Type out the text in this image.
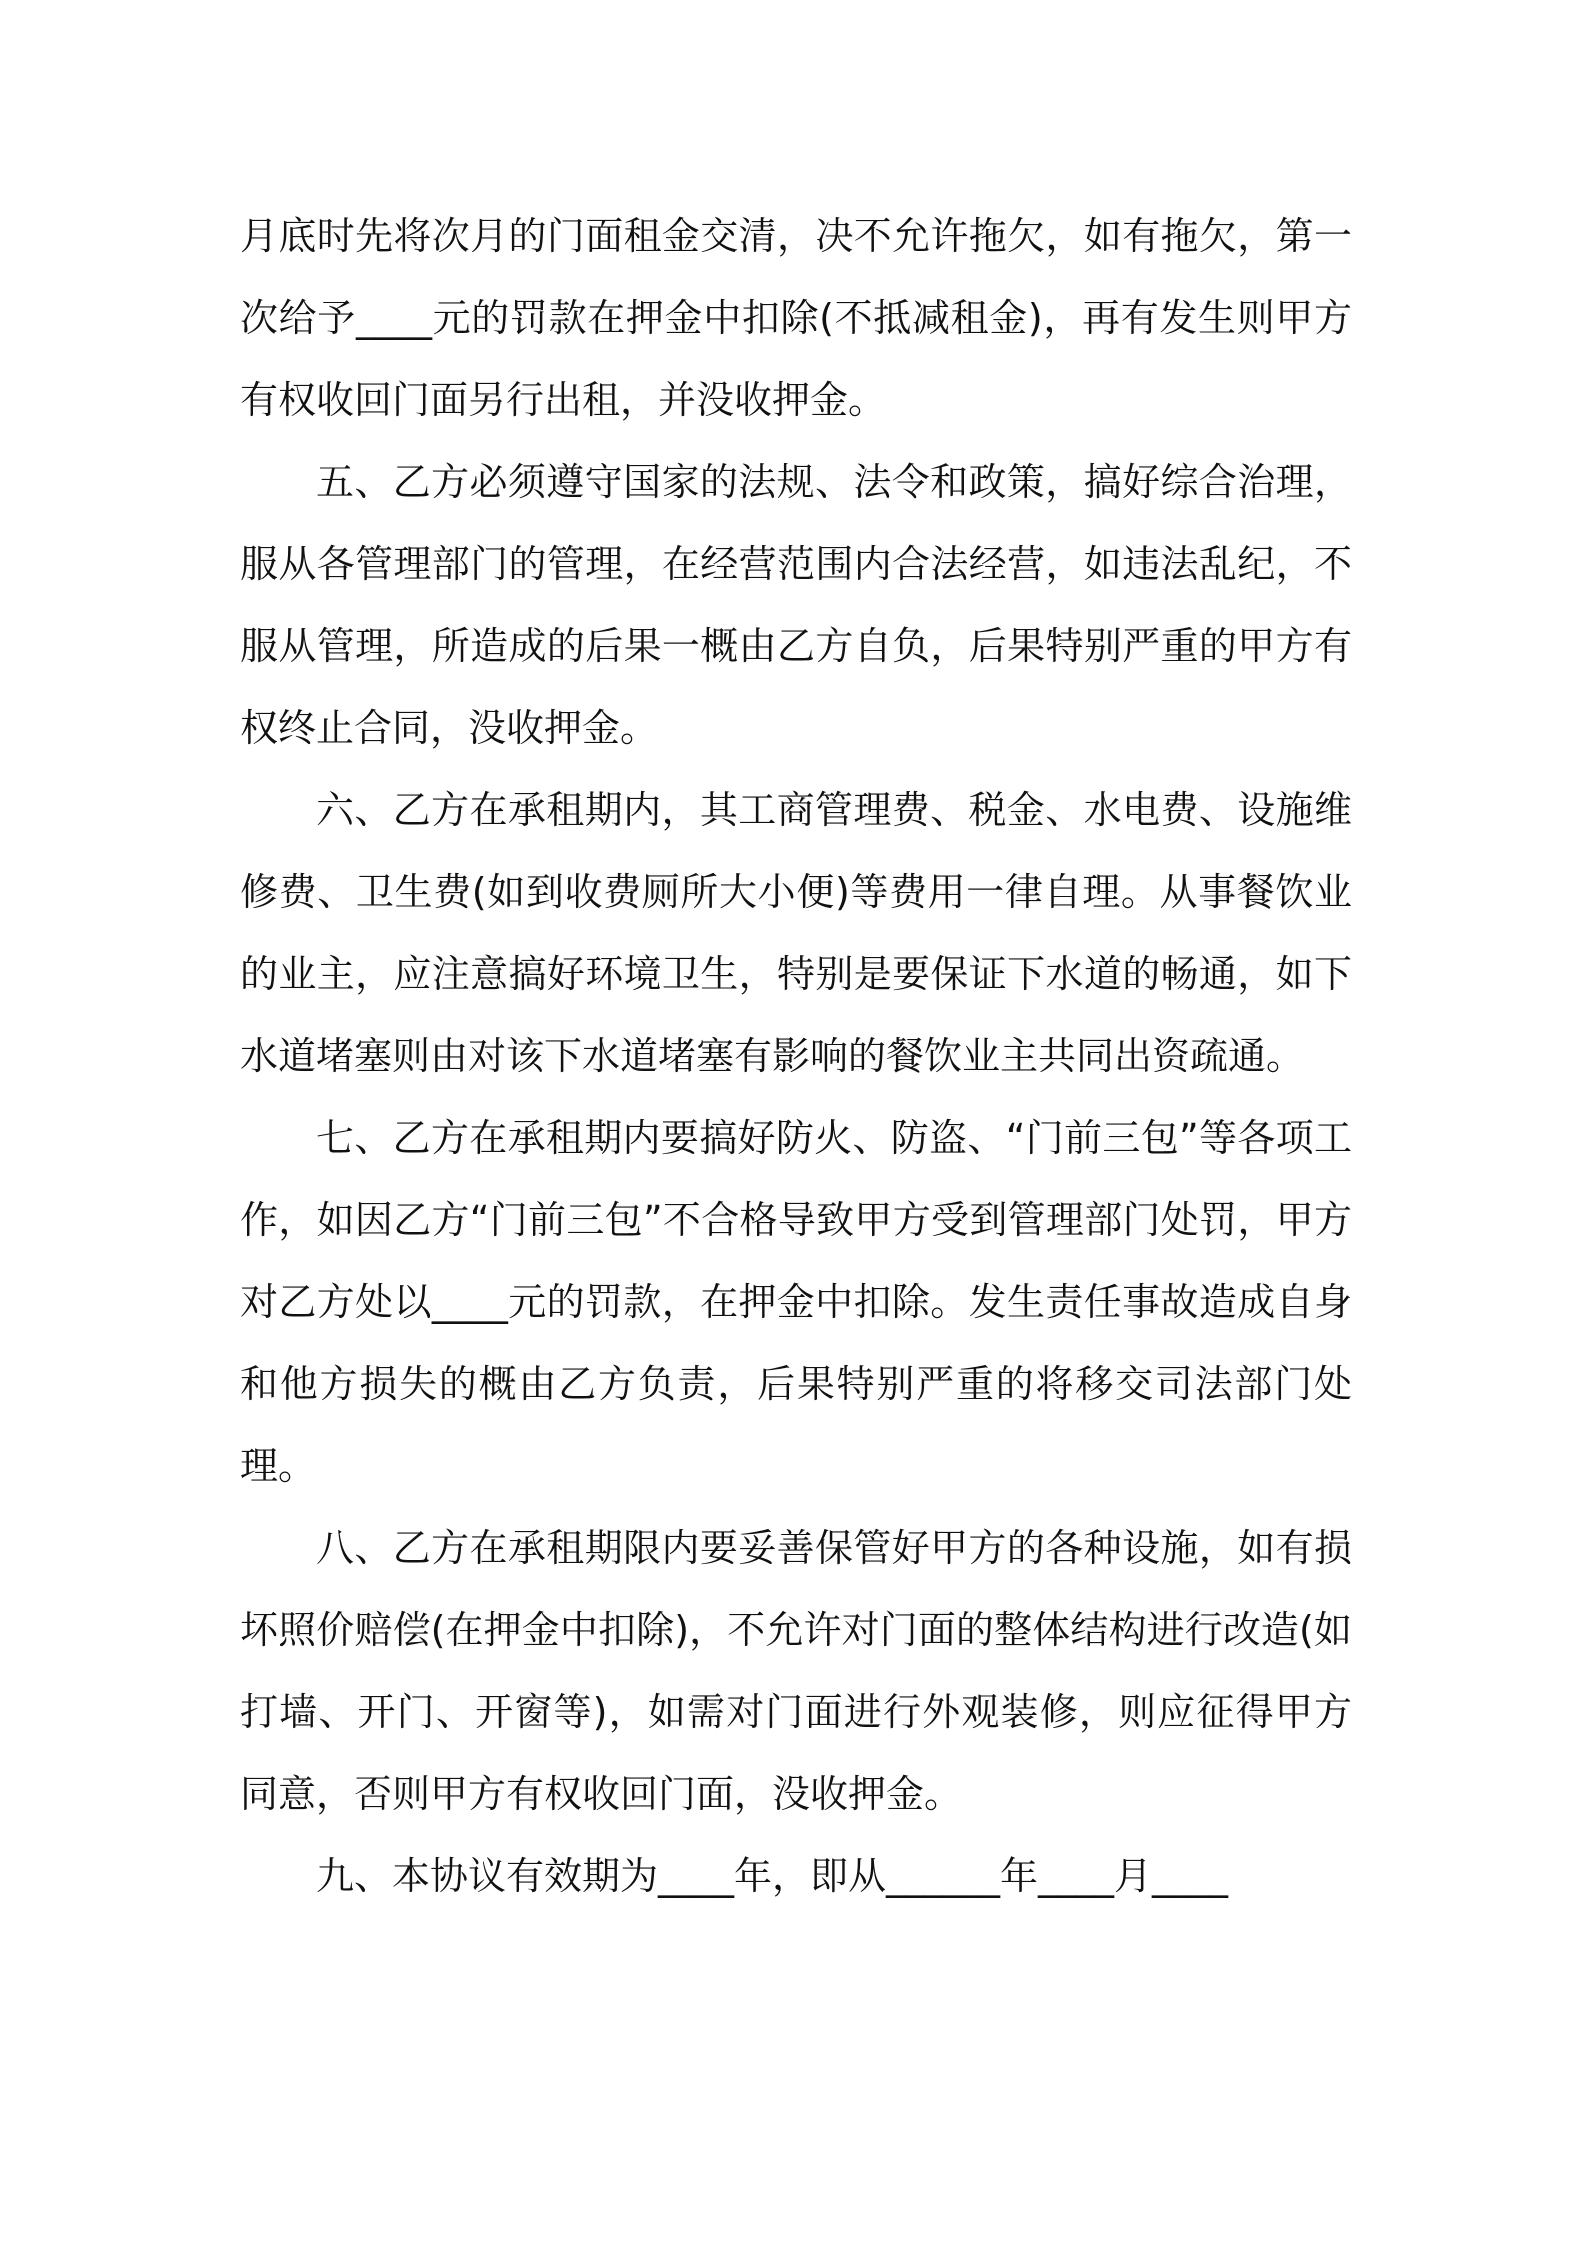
月底时先将次月的门面租金交清，决不允许拖欠，如有拖欠，第一次给予____元的罚款在押金中扣除(不抵减租金)，再有发生则甲方有权收回门面另行出租，并没收押金。

五、乙方必须遵守国家的法规、法令和政策，搞好综合治理，服从各管理部门的管理，在经营范围内合法经营，如违法乱纪，不服从管理，所造成的后果一概由乙方自负，后果特别严重的甲方有权终止合同，没收押金。

六、乙方在承租期内，其工商管理费、税金、水电费、设施维修费、卫生费(如到收费厕所大小便)等费用一律自理。从事餐饮业的业主，应注意搞好环境卫生，特别是要保证下水道的畅通，如下水道堵塞则由对该下水道堵塞有影响的餐饮业主共同出资疏通。

七、乙方在承租期内要搞好防火、防盗、“门前三包”等各项工作，如因乙方“门前三包”不合格导致甲方受到管理部门处罚，甲方对乙方处以____元的罚款，在押金中扣除。发生责任事故造成自身和他方损失的概由乙方负责，后果特别严重的将移交司法部门处理。

八、乙方在承租期限内要妥善保管好甲方的各种设施，如有损坏照价赔偿(在押金中扣除)，不允许对门面的整体结构进行改造(如打墙、开门、开窗等)，如需对门面进行外观装修，则应征得甲方同意，否则甲方有权收回门面，没收押金。

九、本协议有效期为____年，即从______年____月____
